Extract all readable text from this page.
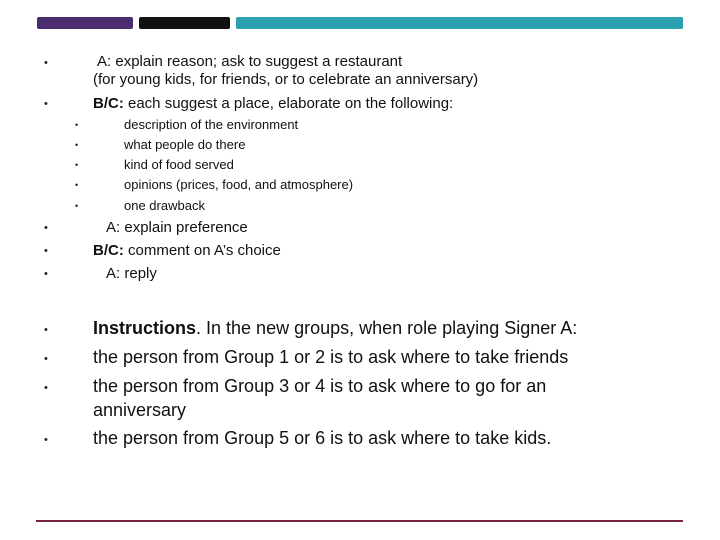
•	A: explain reason; ask to suggest a restaurant
(for young kids, for friends, or to celebrate an anniversary)
•	B/C: each suggest a place, elaborate on the following:
•	description of the environment
•	what people do there
•	kind of food served
•	opinions (prices, food, and atmosphere)
•	one drawback
•	A: explain preference
•	B/C: comment on A’s choice
•	A: reply
•	Instructions. In the new groups, when role playing Signer A:
•	the person from Group 1 or 2 is to ask where to take friends
•	the person from Group 3 or 4 is to ask where to go for an
anniversary
•	the person from Group 5 or 6 is to ask where to take kids.
